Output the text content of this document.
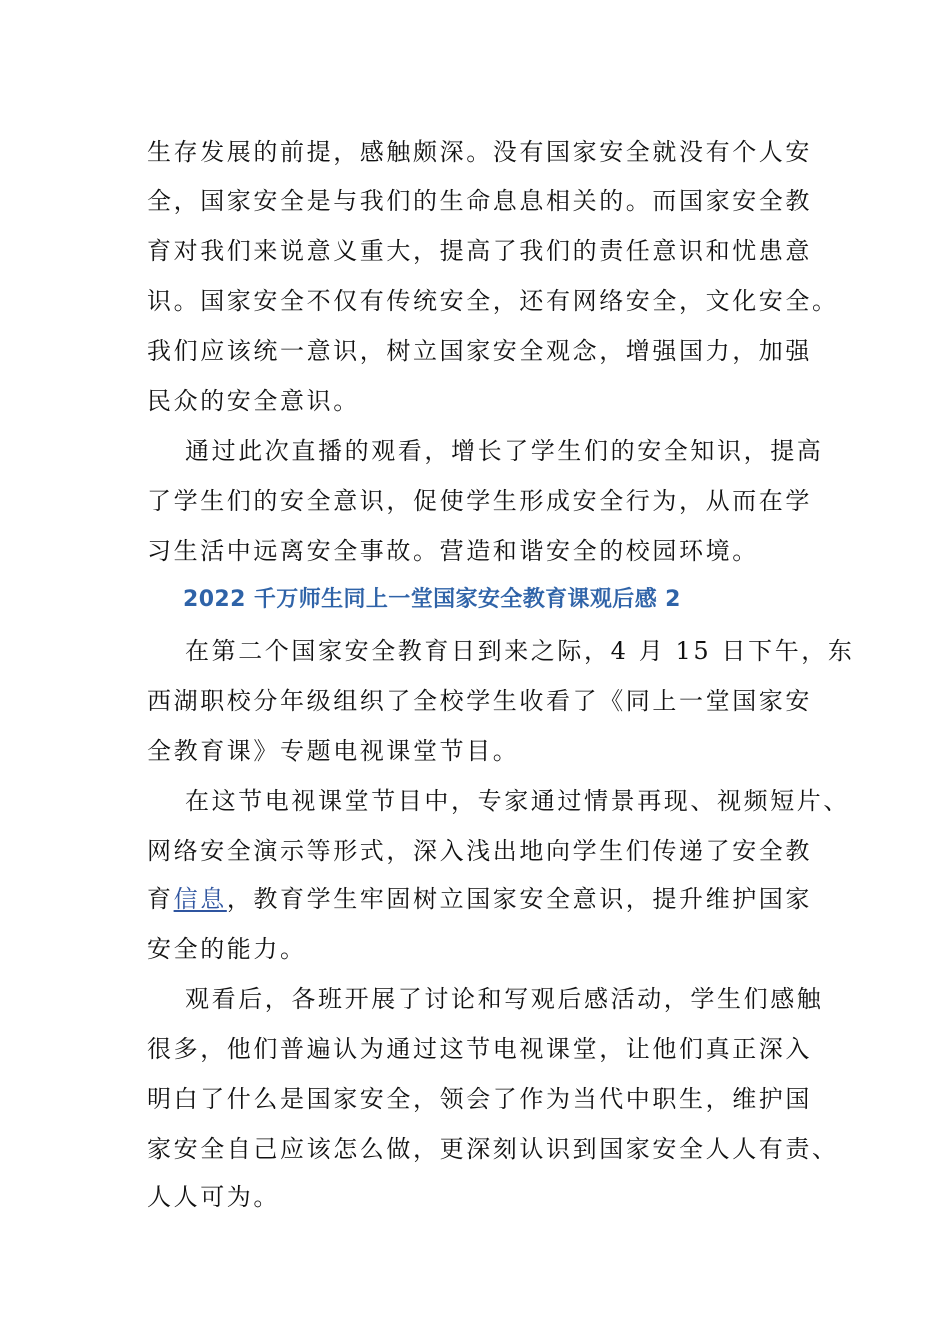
生存发展的前提，感触颇深。没有国家安全就没有个人安
全，国家安全是与我们的生命息息相关的。而国家安全教
育对我们来说意义重大，提高了我们的责任意识和忧患意
识。国家安全不仅有传统安全，还有网络安全，文化安全。
我们应该统一意识，树立国家安全观念，增强国力，加强
民众的安全意识。
通过此次直播的观看，增长了学生们的安全知识，提高
了学生们的安全意识，促使学生形成安全行为，从而在学
习生活中远离安全事故。营造和谐安全的校园环境。
2022 千万师生同上一堂国家安全教育课观后感 2
在第二个国家安全教育日到来之际，4 月 15 日下午，东
西湖职校分年级组织了全校学生收看了《同上一堂国家安
全教育课》专题电视课堂节目。
在这节电视课堂节目中，专家通过情景再现、视频短片、
网络安全演示等形式，深入浅出地向学生们传递了安全教
育信息，教育学生牢固树立国家安全意识，提升维护国家
安全的能力。
观看后，各班开展了讨论和写观后感活动，学生们感触
很多，他们普遍认为通过这节电视课堂，让他们真正深入
明白了什么是国家安全，领会了作为当代中职生，维护国
家安全自己应该怎么做，更深刻认识到国家安全人人有责、
人人可为。
